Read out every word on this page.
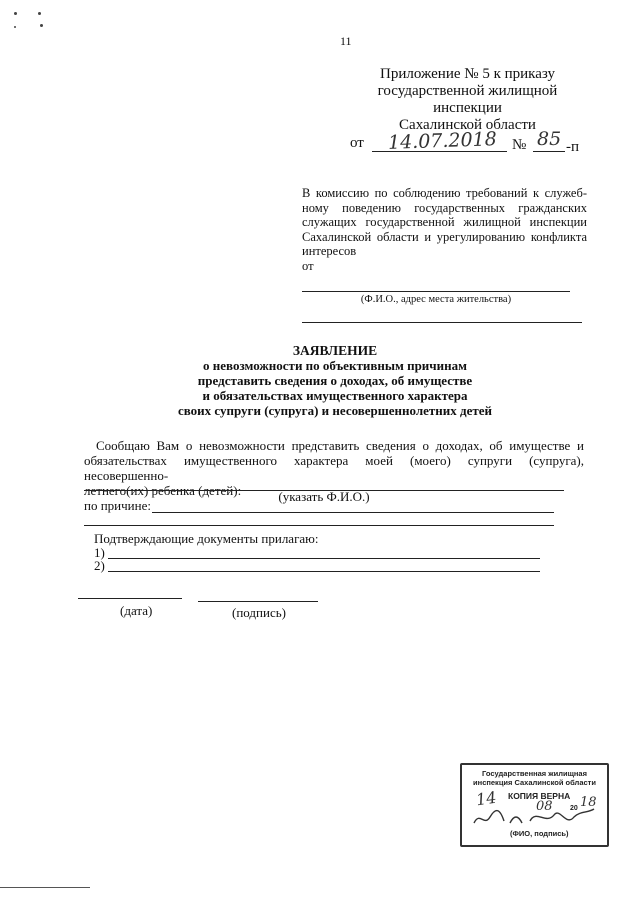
11
Приложение № 5 к приказу
государственной жилищной
инспекции
Сахалинской области
от 14.07.2018 № 85 -п
В комиссию по соблюдению требований к служеб-
ному поведению государственных гражданских
служащих государственной жилищной инспекции
Сахалинской области и урегулированию конфликта
интересов
от
(Ф.И.О., адрес места жительства)
ЗАЯВЛЕНИЕ
о невозможности по объективным причинам
представить сведения о доходах, об имуществе
и обязательствах имущественного характера
своих супруги (супруга) и несовершеннолетних детей
Сообщаю Вам о невозможности представить сведения о доходах, об имуществе и
обязательствах имущественного характера моей (моего) супруги (супруга), несовершенно-
летнего(их) ребенка (детей):	(указать Ф.И.О.)
по причине:
Подтверждающие документы прилагаю:
1)
2)
(дата)	(подпись)
Государственная жилищная
инспекция Сахалинской области
КОПИЯ ВЕРНА
20
(ФИО, подпись)
14	08 18
